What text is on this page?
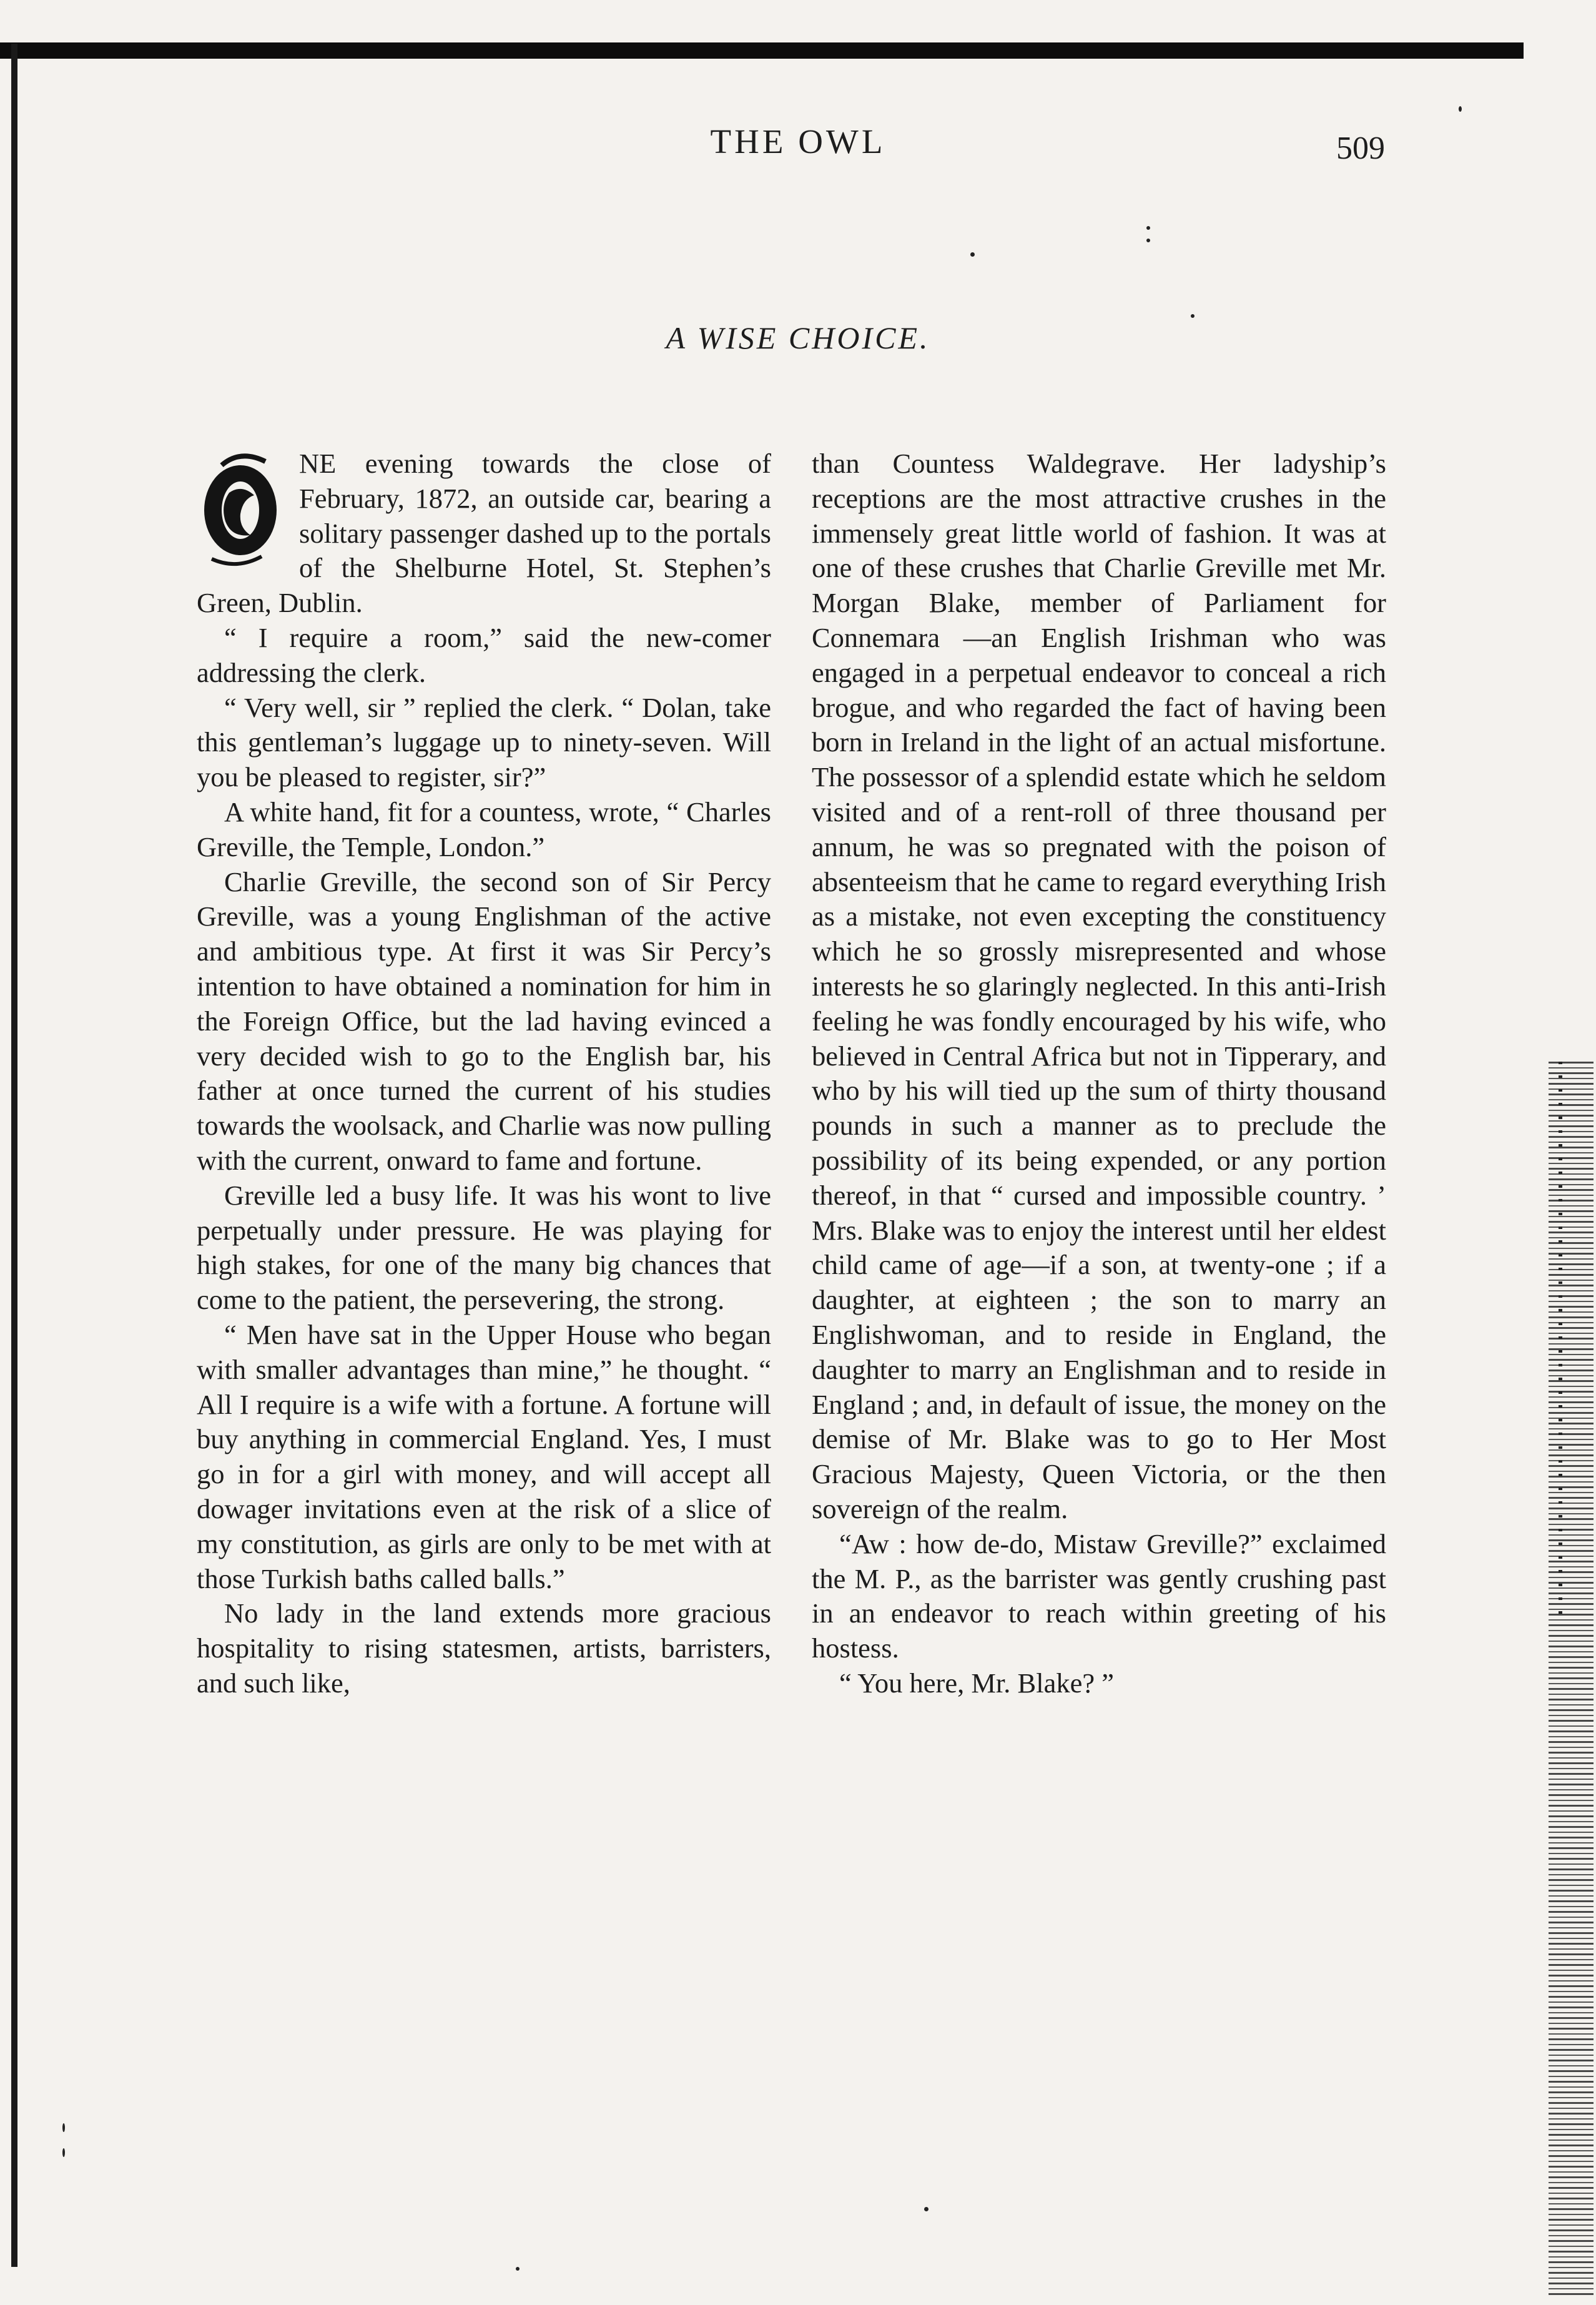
THE OWL	509
A WISE CHOICE.

NE evening towards the close of February, 1872, an outside car, bearing a solitary passenger dashed up to the portals of the Shelburne Hotel, St. Stephen’s Green, Dublin.

“ I require a room,” said the new-comer addressing the clerk.

“ Very well, sir ” replied the clerk. “ Dolan, take this gentleman’s luggage up to ninety-seven. Will you be pleased to register, sir?”

A white hand, fit for a countess, wrote, “ Charles Greville, the Temple, London.”

Charlie Greville, the second son of Sir Percy Greville, was a young Englishman of the active and ambitious type. At first it was Sir Percy’s intention to have obtained a nomination for him in the Foreign Office, but the lad having evinced a very decided wish to go to the English bar, his father at once turned the current of his studies towards the woolsack, and Charlie was now pulling with the current, onward to fame and fortune.

Greville led a busy life. It was his wont to live perpetually under pressure. He was playing for high stakes, for one of the many big chances that come to the patient, the persevering, the strong.

“ Men have sat in the Upper House who began with smaller advantages than mine,” he thought. “ All I require is a wife with a fortune. A fortune will buy anything in commercial England. Yes, I must go in for a girl with money, and will accept all dowager invitations even at the risk of a slice of my constitution, as girls are only to be met with at those Turkish baths called balls.”

No lady in the land extends more gracious hospitality to rising statesmen, artists, barristers, and such like,

than Countess Waldegrave. Her ladyship’s receptions are the most attractive crushes in the immensely great little world of fashion. It was at one of these crushes that Charlie Greville met Mr. Morgan Blake, member of Parliament for Connemara —an English Irishman who was engaged in a perpetual endeavor to conceal a rich brogue, and who regarded the fact of having been born in Ireland in the light of an actual misfortune. The possessor of a splendid estate which he seldom visited and of a rent-roll of three thousand per annum, he was so pregnated with the poison of absenteeism that he came to regard everything Irish as a mistake, not even excepting the constituency which he so grossly misrepresented and whose interests he so glaringly neglected. In this anti-Irish feeling he was fondly encouraged by his wife, who believed in Central Africa but not in Tipperary, and who by his will tied up the sum of thirty thousand pounds in such a manner as to preclude the possibility of its being expended, or any portion thereof, in that “ cursed and impossible country. ’ Mrs. Blake was to enjoy the interest until her eldest child came of age—if a son, at twenty-one ; if a daughter, at eighteen ; the son to marry an Englishwoman, and to reside in England, the daughter to marry an Englishman and to reside in England ; and, in default of issue, the money on the demise of Mr. Blake was to go to Her Most Gracious Majesty, Queen Victoria, or the then sovereign of the realm.

“Aw : how de-do, Mistaw Greville?” exclaimed the M. P., as the barrister was gently crushing past in an endeavor to reach within greeting of his hostess.

“ You here, Mr. Blake? ”
